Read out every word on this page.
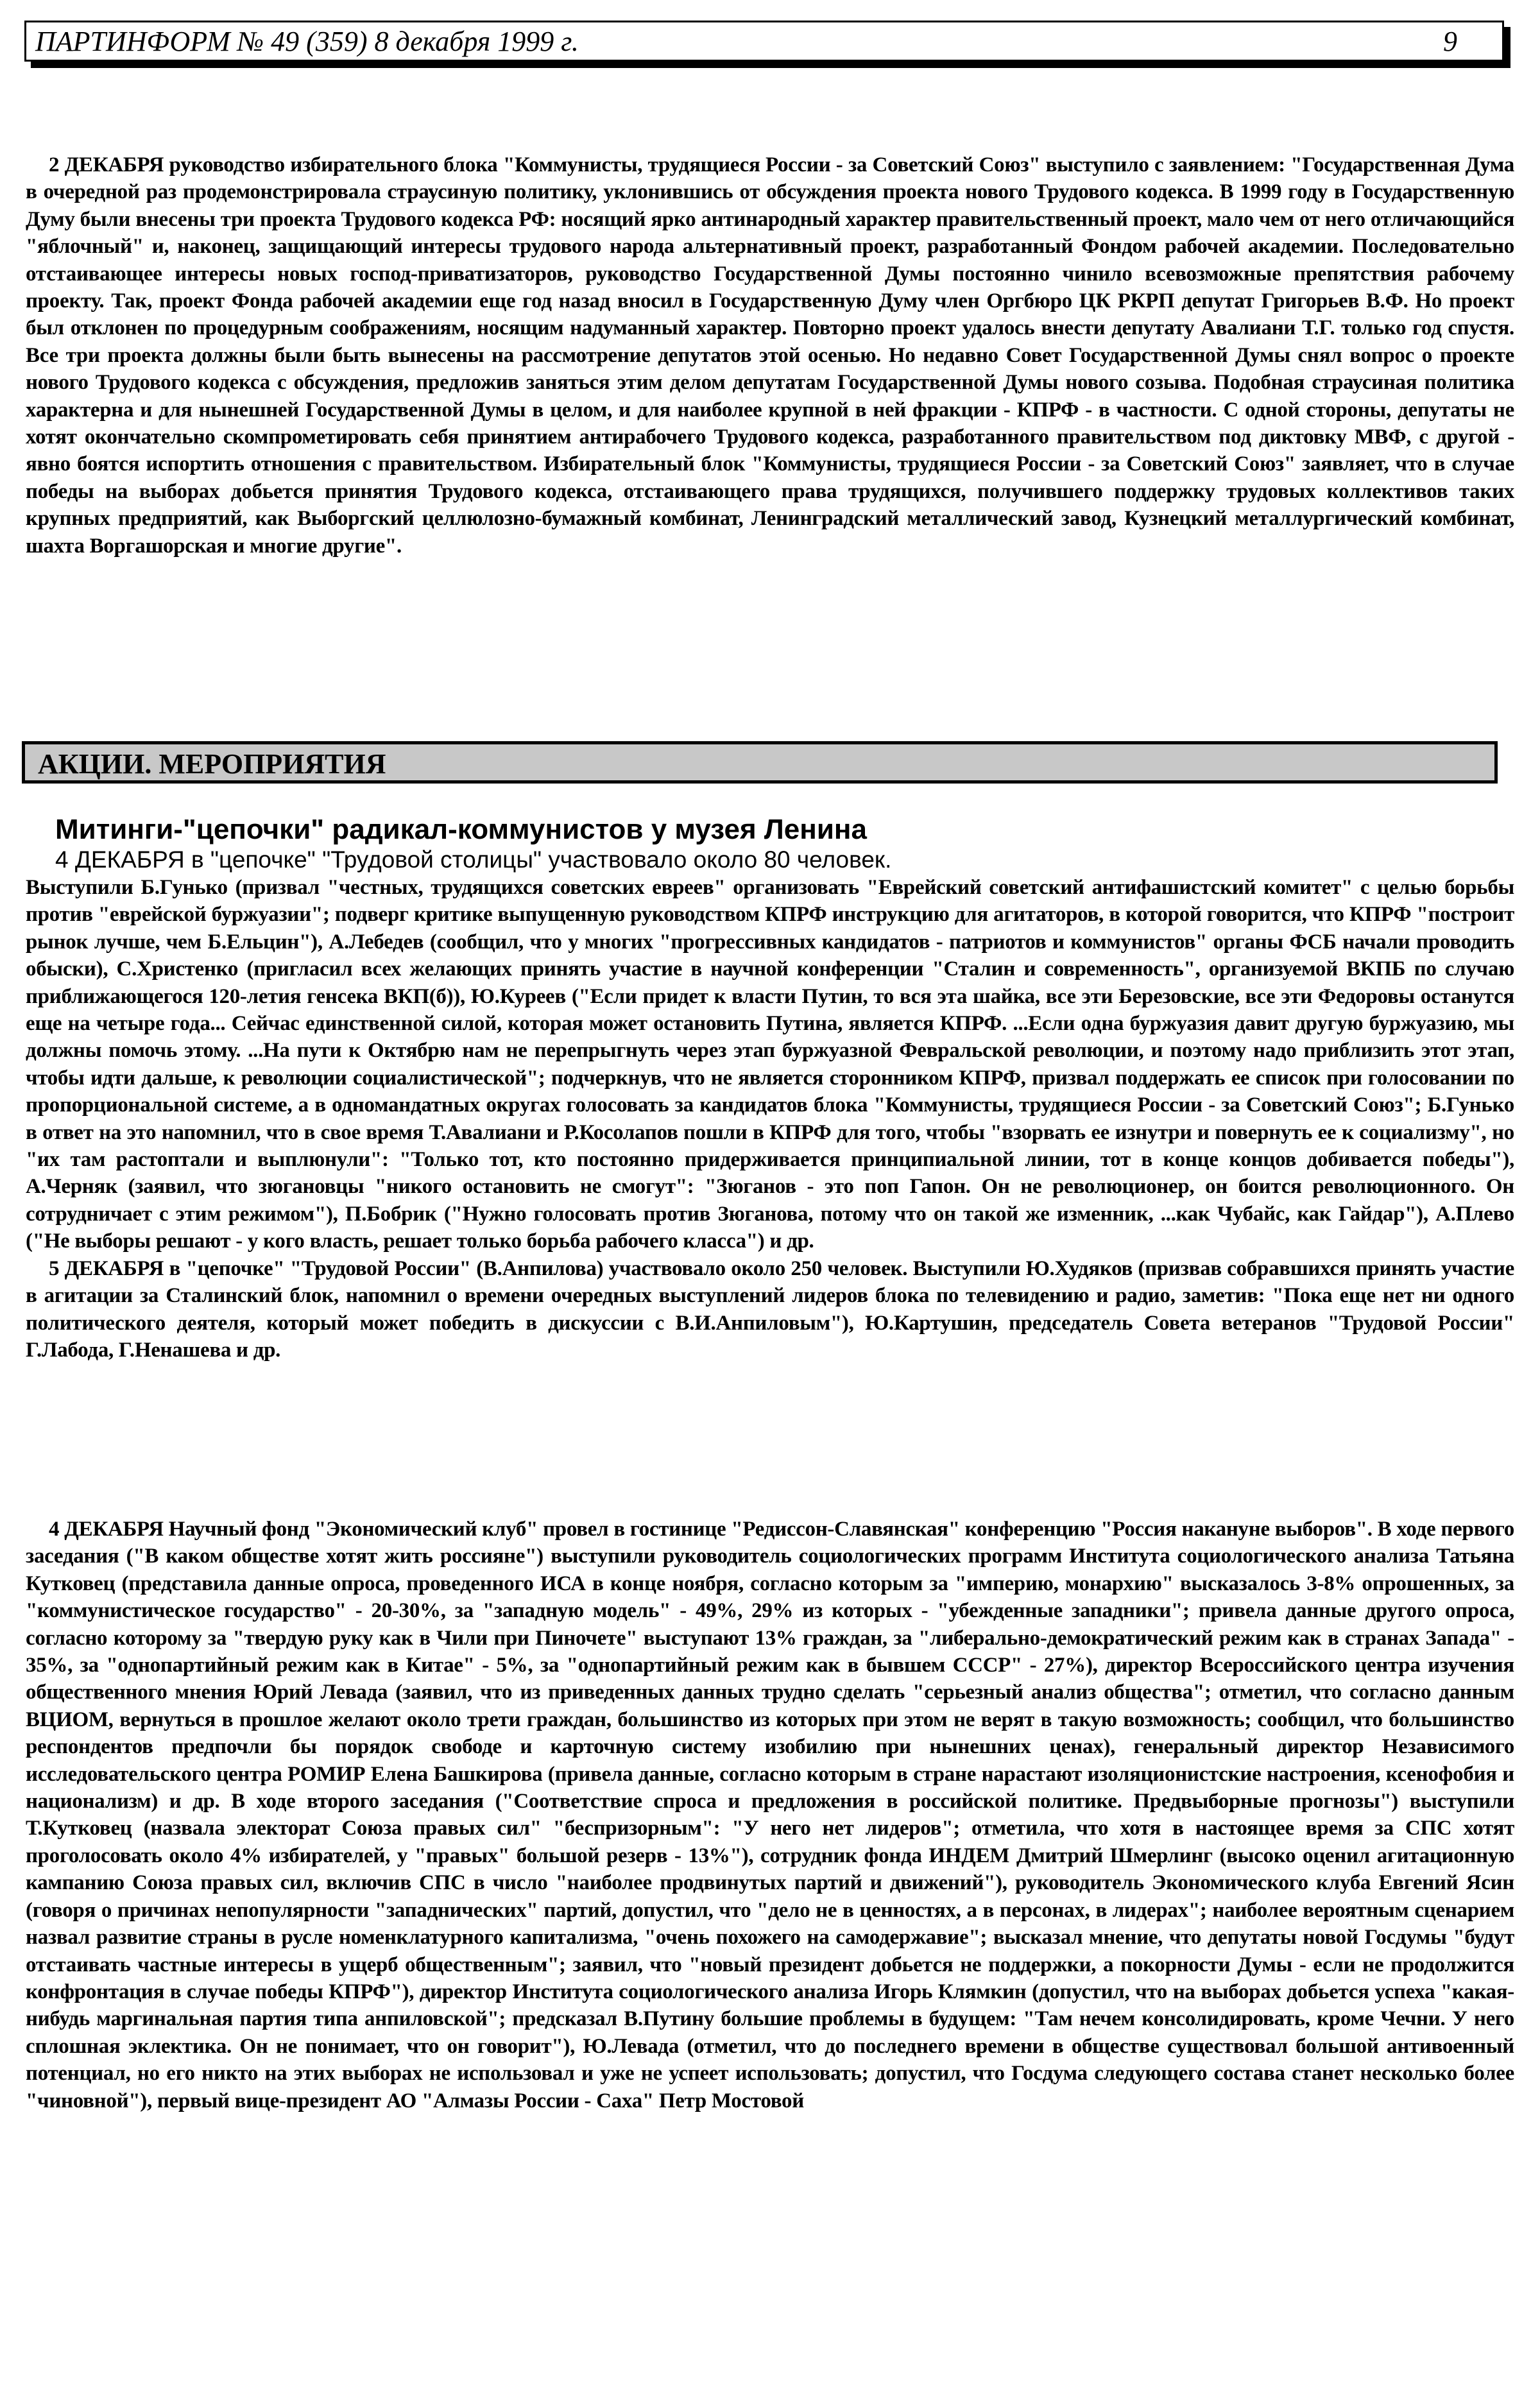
ПАРТИНФОРМ № 49 (359) 8 декабря 1999 г.	9

2 ДЕКАБРЯ руководство избирательного блока "Коммунисты, трудящиеся России - за Советский Союз" выступило с заявлением: "Государственная Дума в очередной раз продемонстрировала страусиную политику, уклонившись от обсуждения проекта нового Трудового кодекса. В 1999 году в Государственную Думу были внесены три проекта Трудового кодекса РФ: носящий ярко антинародный характер правительственный проект, мало чем от него отличающийся "яблочный" и, наконец, защищающий интересы трудового народа альтернативный проект, разработанный Фондом рабочей академии. Последовательно отстаивающее интересы новых господ-приватизаторов, руководство Государственной Думы постоянно чинило всевозможные препятствия рабочему проекту. Так, проект Фонда рабочей академии еще год назад вносил в Государственную Думу член Оргбюро ЦК РКРП депутат Григорьев В.Ф. Но проект был отклонен по процедурным соображениям, носящим надуманный характер. Повторно проект удалось внести депутату Авалиани Т.Г. только год спустя. Все три проекта должны были быть вынесены на рассмотрение депутатов этой осенью. Но недавно Совет Государственной Думы снял вопрос о проекте нового Трудового кодекса с обсуждения, предложив заняться этим делом депутатам Государственной Думы нового созыва. Подобная страусиная политика характерна и для нынешней Государственной Думы в целом, и для наиболее крупной в ней фракции - КПРФ - в частности. С одной стороны, депутаты не хотят окончательно скомпрометировать себя принятием антирабочего Трудового кодекса, разработанного правительством под диктовку МВФ, с другой - явно боятся испортить отношения с правительством. Избирательный блок "Коммунисты, трудящиеся России - за Советский Союз" заявляет, что в случае победы на выборах добьется принятия Трудового кодекса, отстаивающего права трудящихся, получившего поддержку трудовых коллективов таких крупных предприятий, как Выборгский целлюлозно-бумажный комбинат, Ленинградский металлический завод, Кузнецкий металлургический комбинат, шахта Воргашорская и многие другие".

АКЦИИ. МЕРОПРИЯТИЯ
Митинги-"цепочки" радикал-коммунистов у музея Ленина
4 ДЕКАБРЯ в "цепочке" "Трудовой столицы" участвовало около 80 человек.

Выступили Б.Гунько (призвал "честных, трудящихся советских евреев" организовать "Еврейский советский антифашистский комитет" с целью борьбы против "еврейской буржуазии"; подверг критике выпущенную руководством КПРФ инструкцию для агитаторов, в которой говорится, что КПРФ "построит рынок лучше, чем Б.Ельцин"), А.Лебедев (сообщил, что у многих "прогрессивных кандидатов - патриотов и коммунистов" органы ФСБ начали проводить обыски), С.Христенко (пригласил всех желающих принять участие в научной конференции "Сталин и современность", организуемой ВКПБ по случаю приближающегося 120-летия генсека ВКП(б)), Ю.Куреев ("Если придет к власти Путин, то вся эта шайка, все эти Березовские, все эти Федоровы останутся еще на четыре года... Сейчас единственной силой, которая может остановить Путина, является КПРФ. ...Если одна буржуазия давит другую буржуазию, мы должны помочь этому. ...На пути к Октябрю нам не перепрыгнуть через этап буржуазной Февральской революции, и поэтому надо приблизить этот этап, чтобы идти дальше, к революции социалистической"; подчеркнув, что не является сторонником КПРФ, призвал поддержать ее список при голосовании по пропорциональной системе, а в одномандатных округах голосовать за кандидатов блока "Коммунисты, трудящиеся России - за Советский Союз"; Б.Гунько в ответ на это напомнил, что в свое время Т.Авалиани и Р.Косолапов пошли в КПРФ для того, чтобы "взорвать ее изнутри и повернуть ее к социализму", но "их там растоптали и выплюнули": "Только тот, кто постоянно придерживается принципиальной линии, тот в конце концов добивается победы"), А.Черняк (заявил, что зюгановцы "никого остановить не смогут": "Зюганов - это поп Гапон. Он не революционер, он боится революционного. Он сотрудничает с этим режимом"), П.Бобрик ("Нужно голосовать против Зюганова, потому что он такой же изменник, ...как Чубайс, как Гайдар"), А.Плево ("Не выборы решают - у кого власть, решает только борьба рабочего класса") и др.

5 ДЕКАБРЯ в "цепочке" "Трудовой России" (В.Анпилова) участвовало около 250 человек. Выступили Ю.Худяков (призвав собравшихся принять участие в агитации за Сталинский блок, напомнил о времени очередных выступлений лидеров блока по телевидению и радио, заметив: "Пока еще нет ни одного политического деятеля, который может победить в дискуссии с В.И.Анпиловым"), Ю.Картушин, председатель Совета ветеранов "Трудовой России" Г.Лабода, Г.Ненашева и др.

4 ДЕКАБРЯ Научный фонд "Экономический клуб" провел в гостинице "Редиссон-Славянская" конференцию "Россия накануне выборов". В ходе первого заседания ("В каком обществе хотят жить россияне") выступили руководитель социологических программ Института социологического анализа Татьяна Кутковец (представила данные опроса, проведенного ИСА в конце ноября, согласно которым за "империю, монархию" высказалось 3-8% опрошенных, за "коммунистическое государство" - 20-30%, за "западную модель" - 49%, 29% из которых - "убежденные западники"; привела данные другого опроса, согласно которому за "твердую руку как в Чили при Пиночете" выступают 13% граждан, за "либерально-демократический режим как в странах Запада" - 35%, за "однопартийный режим как в Китае" - 5%, за "однопартийный режим как в бывшем СССР" - 27%), директор Всероссийского центра изучения общественного мнения Юрий Левада (заявил, что из приведенных данных трудно сделать "серьезный анализ общества"; отметил, что согласно данным ВЦИОМ, вернуться в прошлое желают около трети граждан, большинство из которых при этом не верят в такую возможность; сообщил, что большинство респондентов предпочли бы порядок свободе и карточную систему изобилию при нынешних ценах), генеральный директор Независимого исследовательского центра РОМИР Елена Башкирова (привела данные, согласно которым в стране нарастают изоляционистские настроения, ксенофобия и национализм) и др. В ходе второго заседания ("Соответствие спроса и предложения в российской политике. Предвыборные прогнозы") выступили Т.Кутковец (назвала электорат Союза правых сил" "беспризорным": "У него нет лидеров"; отметила, что хотя в настоящее время за СПС хотят проголосовать около 4% избирателей, у "правых" большой резерв - 13%"), сотрудник фонда ИНДЕМ Дмитрий Шмерлинг (высоко оценил агитационную кампанию Союза правых сил, включив СПС в число "наиболее продвинутых партий и движений"), руководитель Экономического клуба Евгений Ясин (говоря о причинах непопулярности "западнических" партий, допустил, что "дело не в ценностях, а в персонах, в лидерах"; наиболее вероятным сценарием назвал развитие страны в русле номенклатурного капитализма, "очень похожего на самодержавие"; высказал мнение, что депутаты новой Госдумы "будут отстаивать частные интересы в ущерб общественным"; заявил, что "новый президент добьется не поддержки, а покорности Думы - если не продолжится конфронтация в случае победы КПРФ"), директор Института социологического анализа Игорь Клямкин (допустил, что на выборах добьется успеха "какая-нибудь маргинальная партия типа анпиловской"; предсказал В.Путину большие проблемы в будущем: "Там нечем консолидировать, кроме Чечни. У него сплошная эклектика. Он не понимает, что он говорит"), Ю.Левада (отметил, что до последнего времени в обществе существовал большой антивоенный потенциал, но его никто на этих выборах не использовал и уже не успеет использовать; допустил, что Госдума следующего состава станет несколько более "чиновной"), первый вице-президент АО "Алмазы России - Саха" Петр Мостовой
